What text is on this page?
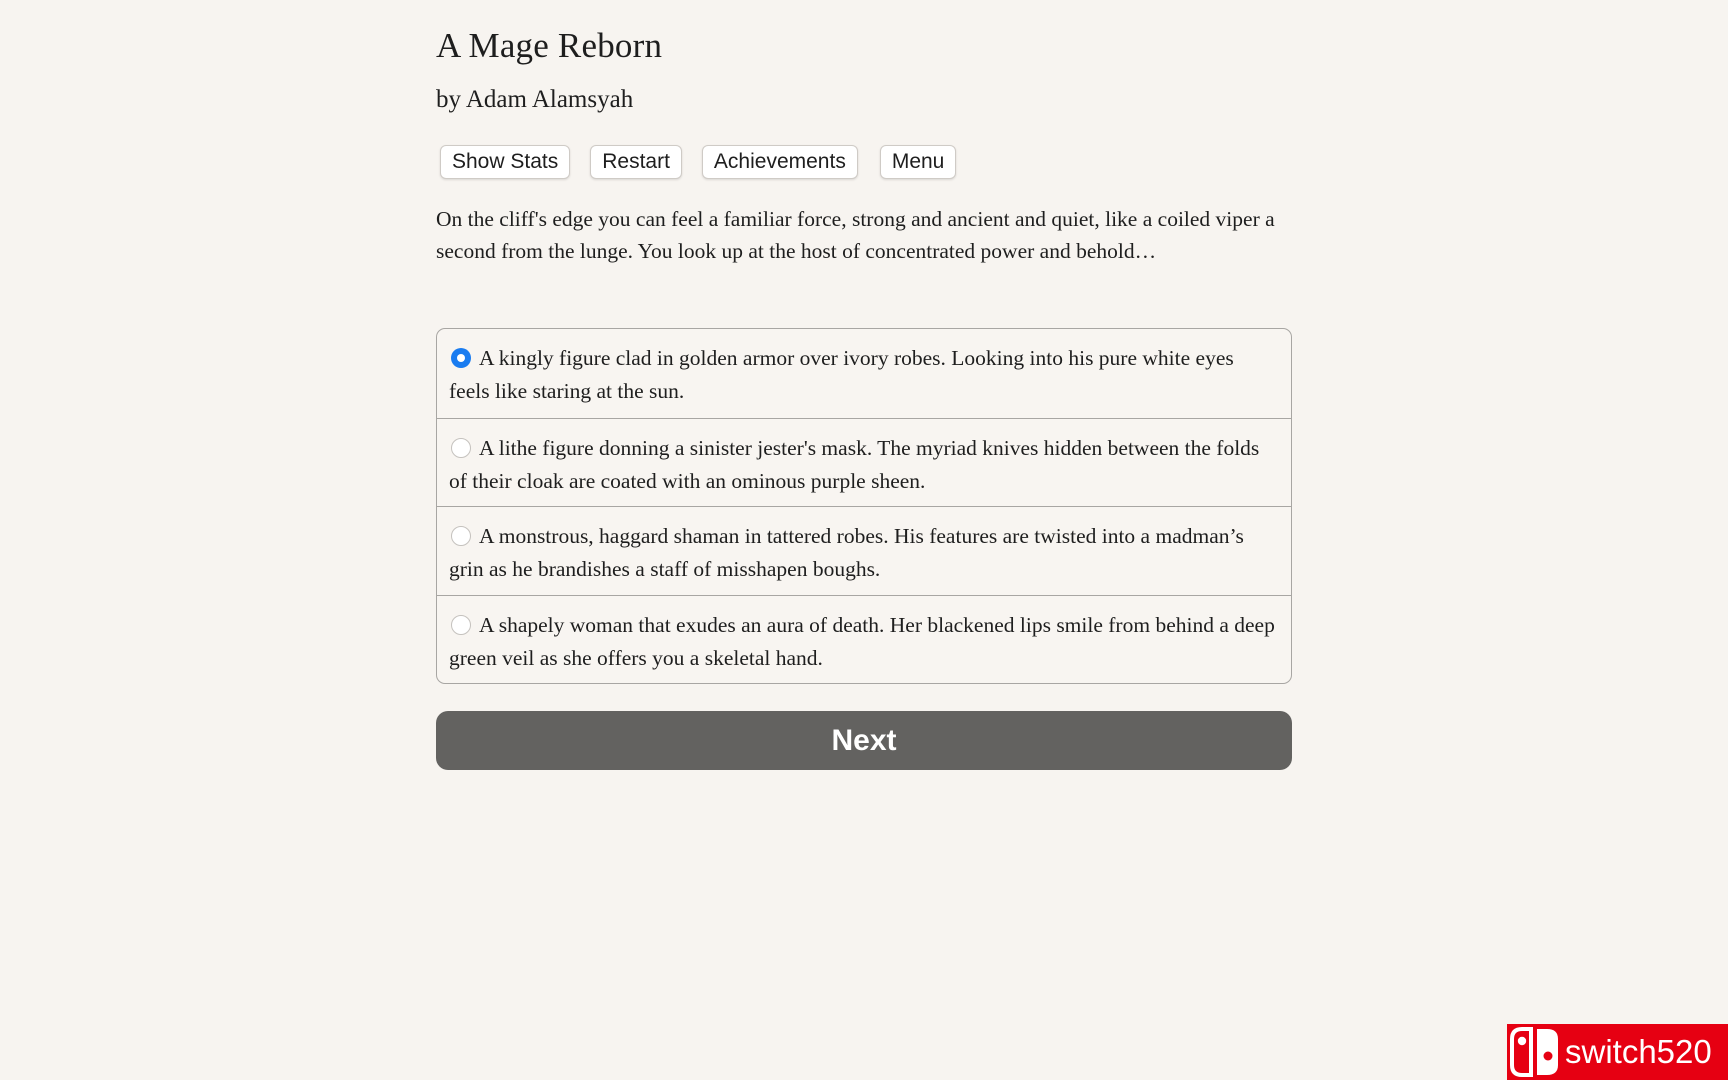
A Mage Reborn
by Adam Alamsyah
Show Stats	Restart	Achievements	Menu

On the cliff's edge you can feel a familiar force, strong and ancient and quiet, like a coiled viper a second from the lunge. You look up at the host of concentrated power and behold…

A kingly figure clad in golden armor over ivory robes. Looking into his pure white eyes feels like staring at the sun.
A lithe figure donning a sinister jester's mask. The myriad knives hidden between the folds of their cloak are coated with an ominous purple sheen.
A monstrous, haggard shaman in tattered robes. His features are twisted into a madman’s grin as he brandishes a staff of misshapen boughs.
A shapely woman that exudes an aura of death. Her blackened lips smile from behind a deep green veil as she offers you a skeletal hand.
Next
switch520
